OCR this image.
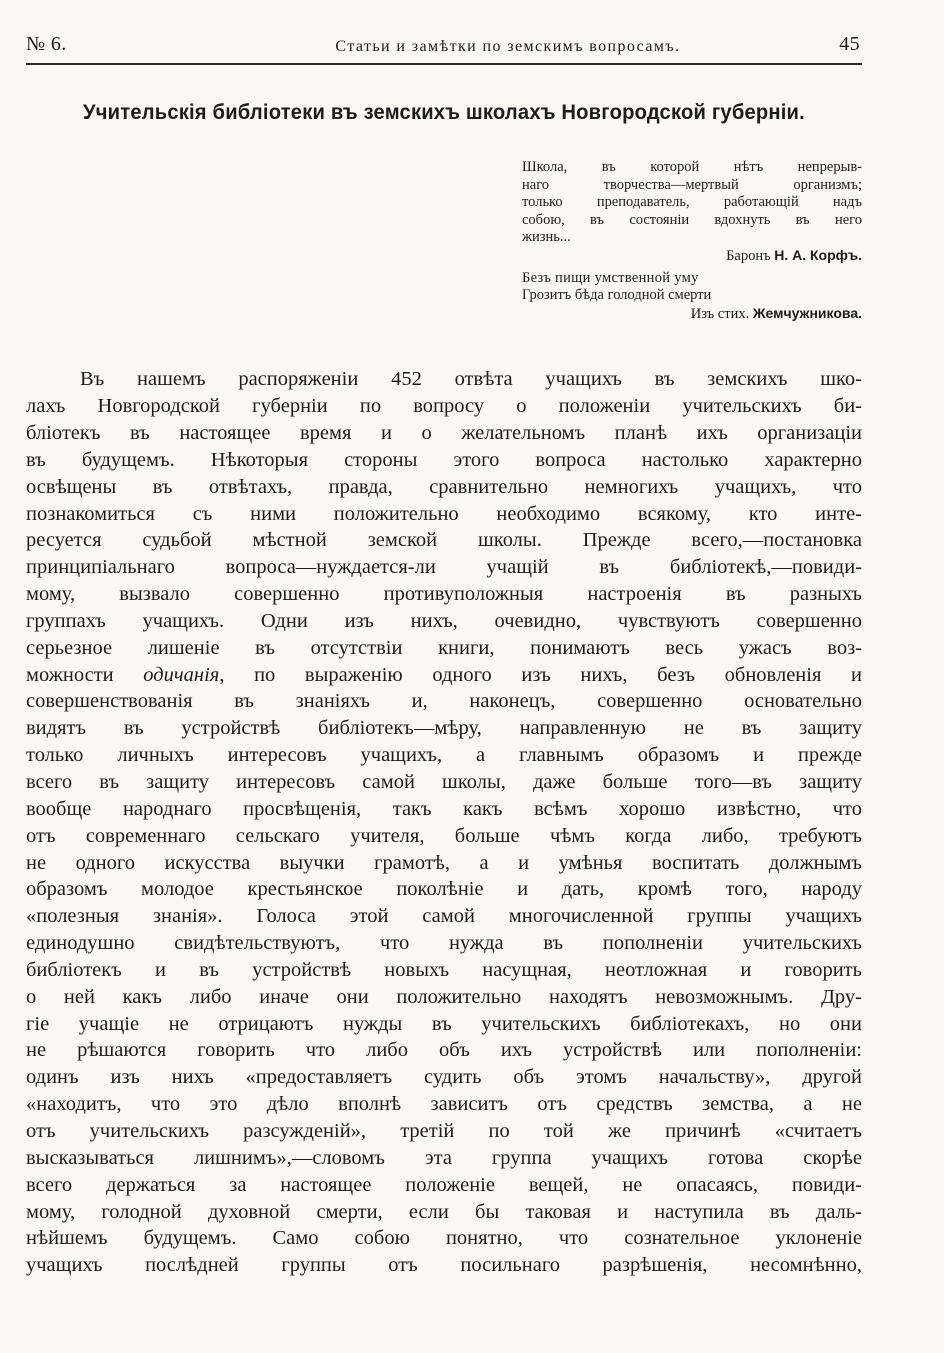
№ 6.	Статьи и замѣтки по земскимъ вопросамъ.	45
Учительскія библіотеки въ земскихъ школахъ Новгородской губерніи.
Школа, въ которой нѣтъ непрерыв-
наго творчества—мертвый организмъ;
только преподаватель, работающій надъ
собою, въ состояніи вдохнуть въ него
жизнь...
Баронъ Н. А. Корфъ.
Безъ пищи умственной уму
Грозитъ бѣда голодной смерти
Изъ стих. Жемчужникова.
Въ нашемъ распоряженіи 452 отвѣта учащихъ въ земскихъ шко-
лахъ Новгородской губерніи по вопросу о положеніи учительскихъ би-
бліотекъ въ настоящее время и о желательномъ планѣ ихъ организаціи
въ будущемъ. Нѣкоторыя стороны этого вопроса настолько характерно
освѣщены въ отвѣтахъ, правда, сравнительно немногихъ учащихъ, что
познакомиться съ ними положительно необходимо всякому, кто инте-
ресуется судьбой мѣстной земской школы. Прежде всего,—постановка
принципіальнаго вопроса—нуждается-ли учащій въ библіотекѣ,—повиди-
мому, вызвало совершенно противуположныя настроенія въ разныхъ
группахъ учащихъ. Одни изъ нихъ, очевидно, чувствуютъ совершенно
серьезное лишеніе въ отсутствіи книги, понимаютъ весь ужасъ воз-
можности одичанія, по выраженію одного изъ нихъ, безъ обновленія и
совершенствованія въ знаніяхъ и, наконецъ, совершенно основательно
видятъ въ устройствѣ библіотекъ—мѣру, направленную не въ защиту
только личныхъ интересовъ учащихъ, а главнымъ образомъ и прежде
всего въ защиту интересовъ самой школы, даже больше того—въ защиту
вообще народнаго просвѣщенія, такъ какъ всѣмъ хорошо извѣстно, что
отъ современнаго сельскаго учителя, больше чѣмъ когда либо, требуютъ
не одного искусства выучки грамотѣ, а и умѣнья воспитать должнымъ
образомъ молодое крестьянское поколѣніе и дать, кромѣ того, народу
«полезныя знанія». Голоса этой самой многочисленной группы учащихъ
единодушно свидѣтельствуютъ, что нужда въ пополненіи учительскихъ
библіотекъ и въ устройствѣ новыхъ насущная, неотложная и говорить
о ней какъ либо иначе они положительно находятъ невозможнымъ. Дру-
гіе учащіе не отрицаютъ нужды въ учительскихъ библіотекахъ, но они
не рѣшаются говорить что либо объ ихъ устройствѣ или пополненіи:
одинъ изъ нихъ «предоставляетъ судить объ этомъ начальству», другой
«находитъ, что это дѣло вполнѣ зависитъ отъ средствъ земства, а не
отъ учительскихъ разсужденій», третій по той же причинѣ «считаетъ
высказываться лишнимъ»,—словомъ эта группа учащихъ готова скорѣе
всего держаться за настоящее положеніе вещей, не опасаясь, повиди-
мому, голодной духовной смерти, если бы таковая и наступила въ даль-
нѣйшемъ будущемъ. Само собою понятно, что сознательное уклоненіе
учащихъ послѣдней группы отъ посильнаго разрѣшенія, несомнѣнно,
